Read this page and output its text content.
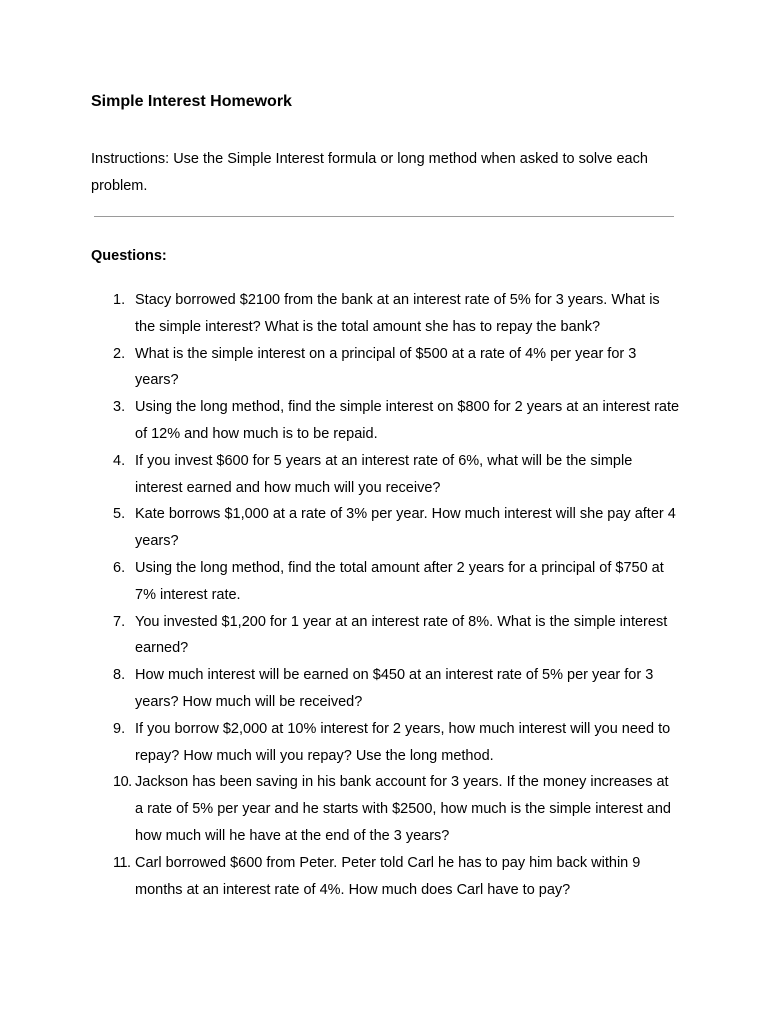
Simple Interest Homework

Instructions: Use the Simple Interest formula or long method when asked to solve each problem.

Questions:
1. Stacy borrowed $2100 from the bank at an interest rate of 5% for 3 years. What is the simple interest? What is the total amount she has to repay the bank?
2. What is the simple interest on a principal of $500 at a rate of 4% per year for 3 years?
3. Using the long method, find the simple interest on $800 for 2 years at an interest rate of 12% and how much is to be repaid.
4. If you invest $600 for 5 years at an interest rate of 6%, what will be the simple interest earned and how much will you receive?
5. Kate borrows $1,000 at a rate of 3% per year. How much interest will she pay after 4 years?
6. Using the long method, find the total amount after 2 years for a principal of $750 at 7% interest rate.
7. You invested $1,200 for 1 year at an interest rate of 8%. What is the simple interest earned?
8. How much interest will be earned on $450 at an interest rate of 5% per year for 3 years? How much will be received?
9. If you borrow $2,000 at 10% interest for 2 years, how much interest will you need to repay? How much will you repay? Use the long method.
10. Jackson has been saving in his bank account for 3 years. If the money increases at a rate of 5% per year and he starts with $2500, how much is the simple interest and how much will he have at the end of the 3 years?
11. Carl borrowed $600 from Peter. Peter told Carl he has to pay him back within 9 months at an interest rate of 4%. How much does Carl have to pay?
